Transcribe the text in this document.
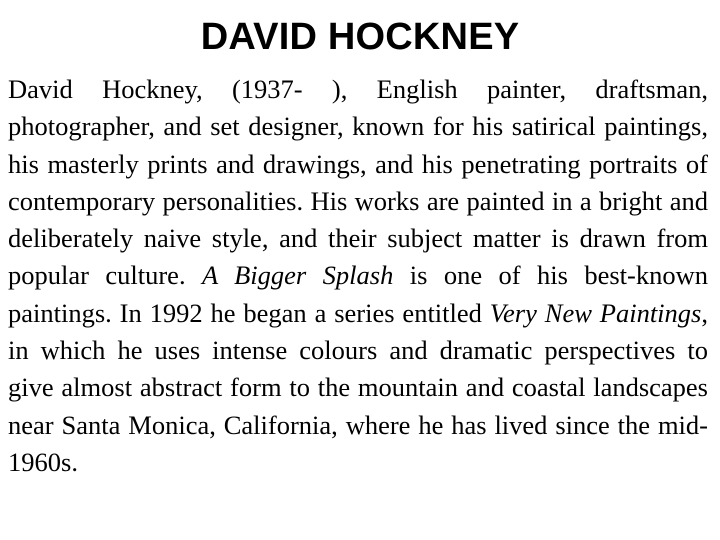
DAVID HOCKNEY

David Hockney, (1937- ), English painter, draftsman, photographer, and set designer, known for his satirical paintings, his masterly prints and drawings, and his penetrating portraits of contemporary personalities. His works are painted in a bright and deliberately naive style, and their subject matter is drawn from popular culture. A Bigger Splash is one of his best-known paintings. In 1992 he began a series entitled Very New Paintings, in which he uses intense colours and dramatic perspectives to give almost abstract form to the mountain and coastal landscapes near Santa Monica, California, where he has lived since the mid-1960s.
